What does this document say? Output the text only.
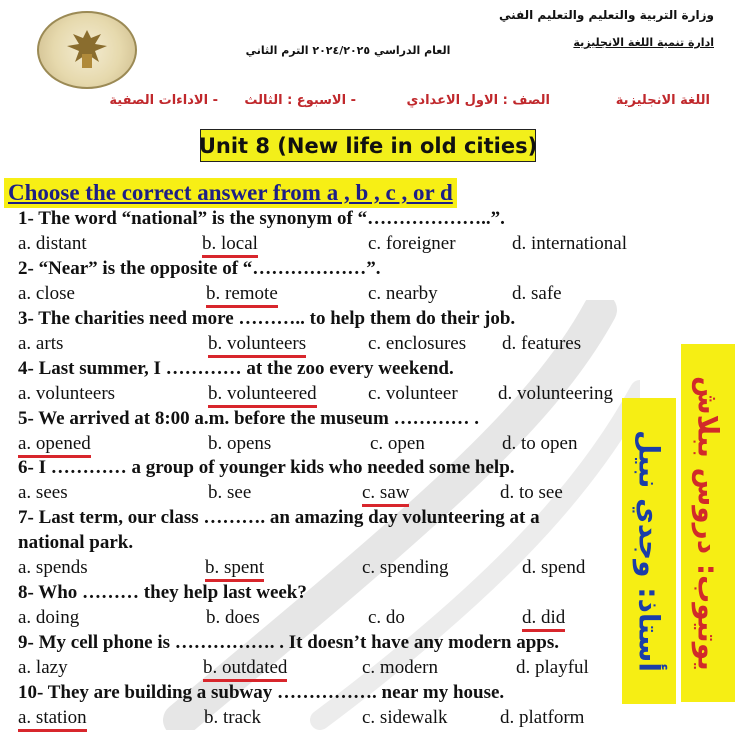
وزارة التربية والتعليم والتعليم الفني
ادارة تنمية اللغة الانجليزية
العام الدراسي ٢٠٢٤/٢٠٢٥ الترم الثاني
اللغة الانجليزية
الصف : الاول الاعدادي
- الاسبوع : الثالث
- الاداءات الصفية
Unit 8 (New life in old cities)
Choose the correct answer from a , b , c , or d
1- The word “national” is the synonym of “………………..”.
a. distant	b. local	c. foreigner	d. international
2- “Near” is the opposite of “………………”.
a. close	b. remote	c. nearby	d. safe
3- The charities need more ……….. to help them do their job.
a. arts	b. volunteers	c. enclosures d. features
4- Last summer, I ………… at the zoo every weekend.
a. volunteers	b. volunteered	c. volunteer d. volunteering
5- We arrived at 8:00 a.m. before the museum ………… .
a. opened	b. opens	c. open	d. to open
6- I ………… a group of younger kids who needed some help.
a. sees	b. see	c. saw	d. to see
7- Last term, our class ………. an amazing day volunteering at a
national park.
a. spends	b. spent	c. spending	d. spend
8- Who ……… they help last week?
a. doing	b. does	c. do	d. did
9- My cell phone is ……………. . It doesn’t have any modern apps.
a. lazy	b. outdated	c. modern	d. playful
10- They are building a subway ……………. near my house.
a. station	b. track	c. sidewalk	d. platform
أستاذ: وجدي نبيل يوتيوب: دروس ببلاش
